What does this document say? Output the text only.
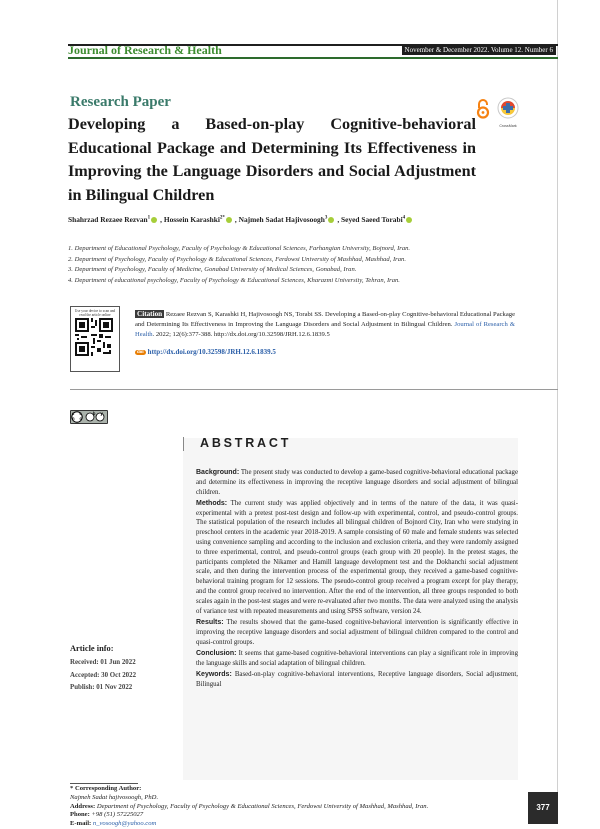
Journal of Research & Health	November & December 2022. Volume 12. Number 6
Research Paper
Developing a Based-on-play Cognitive-behavioral Educational Package and Determining Its Effectiveness in Improving the Language Disorders and Social Adjustment in Bilingual Children
CrossMark
Shahrzad Rezaee Rezvan$^1$ , Hossein Karashki$^{2*}$ , Najmeh Sadat Hajivosoogh$^3$ , Seyed Saeed Torabi$^4$
1. Department of Educational Psychology, Faculty of Psychology & Educational Sciences, Farhangian University, Bojnord, Iran.
2. Department of Psychology, Faculty of Psychology & Educational Sciences, Ferdowsi University of Mashhad, Mashhad, Iran.
3. Department of Psychology, Faculty of Medicine, Gonabad University of Medical Sciences, Gonabad, Iran.
4. Department of educational psychology, Faculty of Psychology & Educational Sciences, Kharazmi University, Tehran, Iran.
Use your device to scan and read the article online	Citation Rezaee Rezvan S, Karashki H, Hajivosoogh NS, Torabi SS. Developing a Based-on-play Cognitive-behavioral Educational Package and Determining Its Effectiveness in Improving the Language Disorders and Social Adjustment in Bilingual Children. Journal of Research & Health. 2022; 12(6):377-388. http://dx.doi.org/10.32598/JRH.12.6.1839.5
doi http://dx.doi.org/10.32598/JRH.12.6.1839.5
cc by nc
ABSTRACT

Background: The present study was conducted to develop a game-based cognitive-behavioral educational package and determine its effectiveness in improving the receptive language disorders and social adjustment of bilingual children.

Methods: The current study was applied objectively and in terms of the nature of the data, it was quasi-experimental with a pretest post-test design and follow-up with experimental, control, and pseudo-control groups. The statistical population of the research includes all bilingual children of Bojnord City, Iran who were studying in preschool centers in the academic year 2018-2019. A sample consisting of 60 male and female students was selected using convenience sampling and according to the inclusion and exclusion criteria, and they were randomly assigned to three experimental, control, and pseudo-control groups (each group with 20 people). In the pretest stages, the participants completed the Nikamer and Hamill language development test and the Dokhanchi social adjustment scale, and then during the intervention process of the experimental group, they received a game-based cognitive-behavioral training program for 12 sessions. The pseudo-control group received a program except for play therapy, and the control group received no intervention. After the end of the intervention, all three groups responded to both scales again in the post-test stages and were re-evaluated after two months. The data were analyzed using the analysis of variance test with repeated measurements and using SPSS software, version 24.

Results: The results showed that the game-based cognitive-behavioral intervention is significantly effective in improving the receptive language disorders and social adjustment of bilingual children compared to the control and quasi-control groups.

Conclusion: It seems that game-based cognitive-behavioral interventions can play a significant role in improving the language skills and social adaptation of bilingual children.

Keywords: Based-on-play cognitive-behavioral interventions, Receptive language disorders, Social adjustment, Bilingual

Article info:
Received: 01 Jun 2022
Accepted: 30 Oct 2022
Publish: 01 Nov 2022
* Corresponding Author:
Najmeh Sadat hajivosoogh, PhD.
Address: Department of Psychology, Faculty of Psychology & Educational Sciences, Ferdowsi University of Mashhad, Mashhad, Iran.
Phone: +98 (51) 57225027
E-mail: n_vosoogh@yahoo.com
377
